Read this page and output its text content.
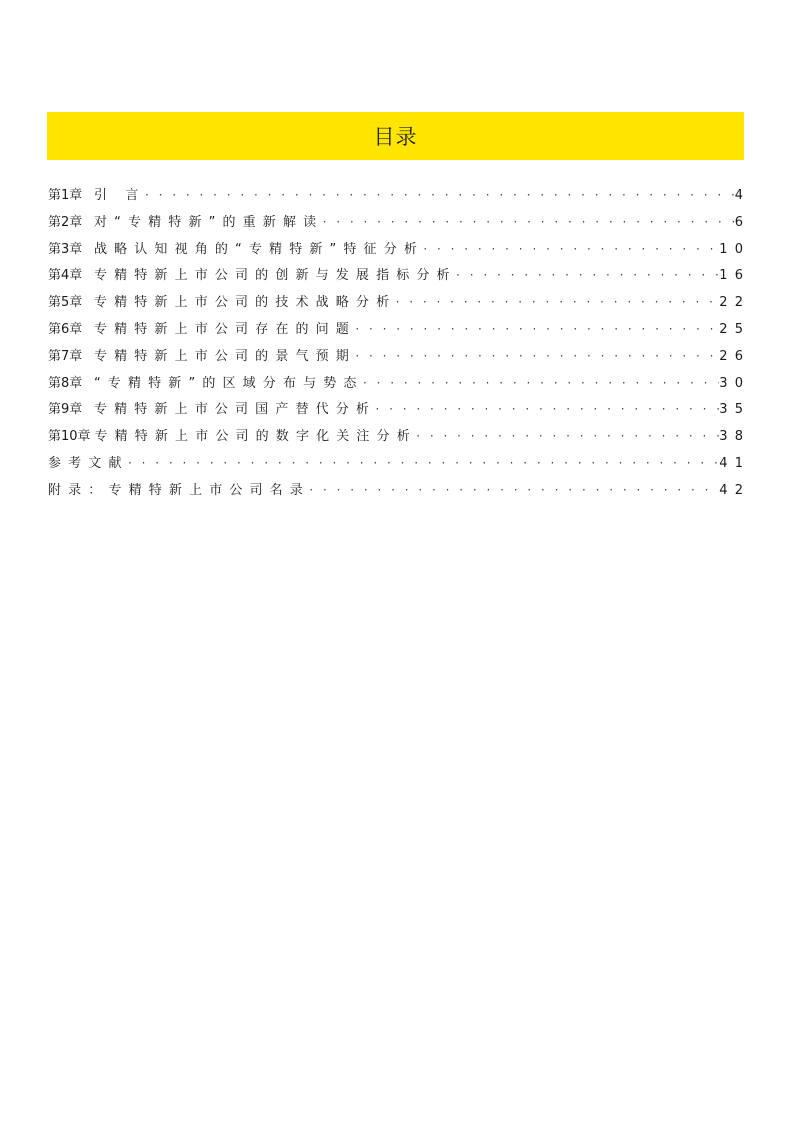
目录
第1章 引 言 · · ·	4
第2章 对“专精特新”的重新解读 · · ·	6
第3章 战略认知视角的“专精特新”特征分析 · · ·	10
第4章 专精特新上市公司的创新与发展指标分析 · · ·	16
第5章 专精特新上市公司的技术战略分析 · · ·	22
第6章 专精特新上市公司存在的问题 · · ·	25
第7章 专精特新上市公司的景气预期 · · ·	26
第8章 “专精特新”的区域分布与势态 · · ·	30
第9章 专精特新上市公司国产替代分析 · · ·	35
第10章 专精特新上市公司的数字化关注分析 · · ·	38
参考文献 · · ·	41
附录：专精特新上市公司名录 · · ·	42
